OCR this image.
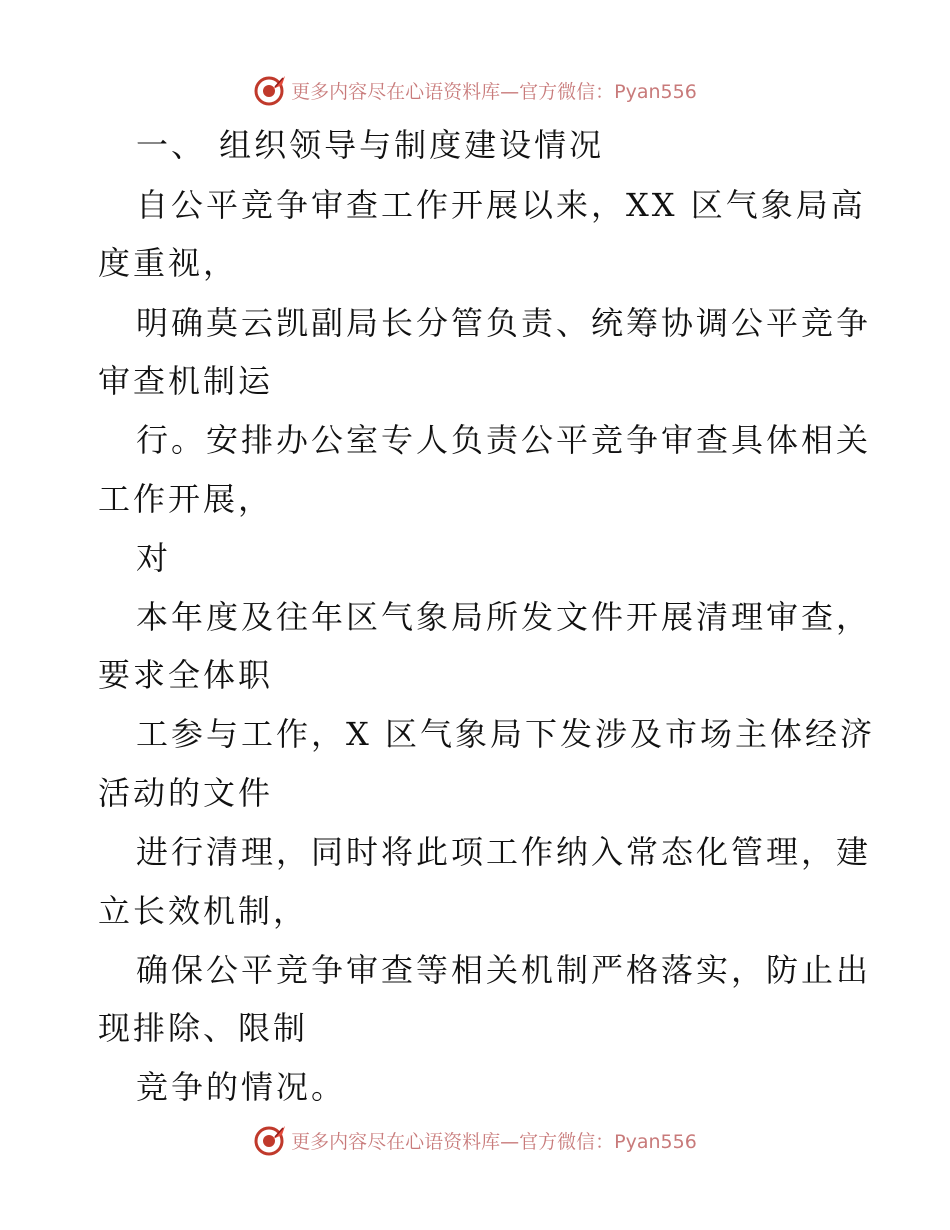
更多内容尽在心语资料库—官方微信：Pyan556
一、 组织领导与制度建设情况
自公平竞争审查工作开展以来，XX 区气象局高
度重视，
明确莫云凯副局长分管负责、统筹协调公平竞争
审查机制运
行。安排办公室专人负责公平竞争审查具体相关
工作开展，
对
本年度及往年区气象局所发文件开展清理审查，
要求全体职
工参与工作，X 区气象局下发涉及市场主体经济
活动的文件
进行清理，同时将此项工作纳入常态化管理，建
立长效机制，
确保公平竞争审查等相关机制严格落实，防止出
现排除、限制
竞争的情况。
更多内容尽在心语资料库—官方微信：Pyan556
